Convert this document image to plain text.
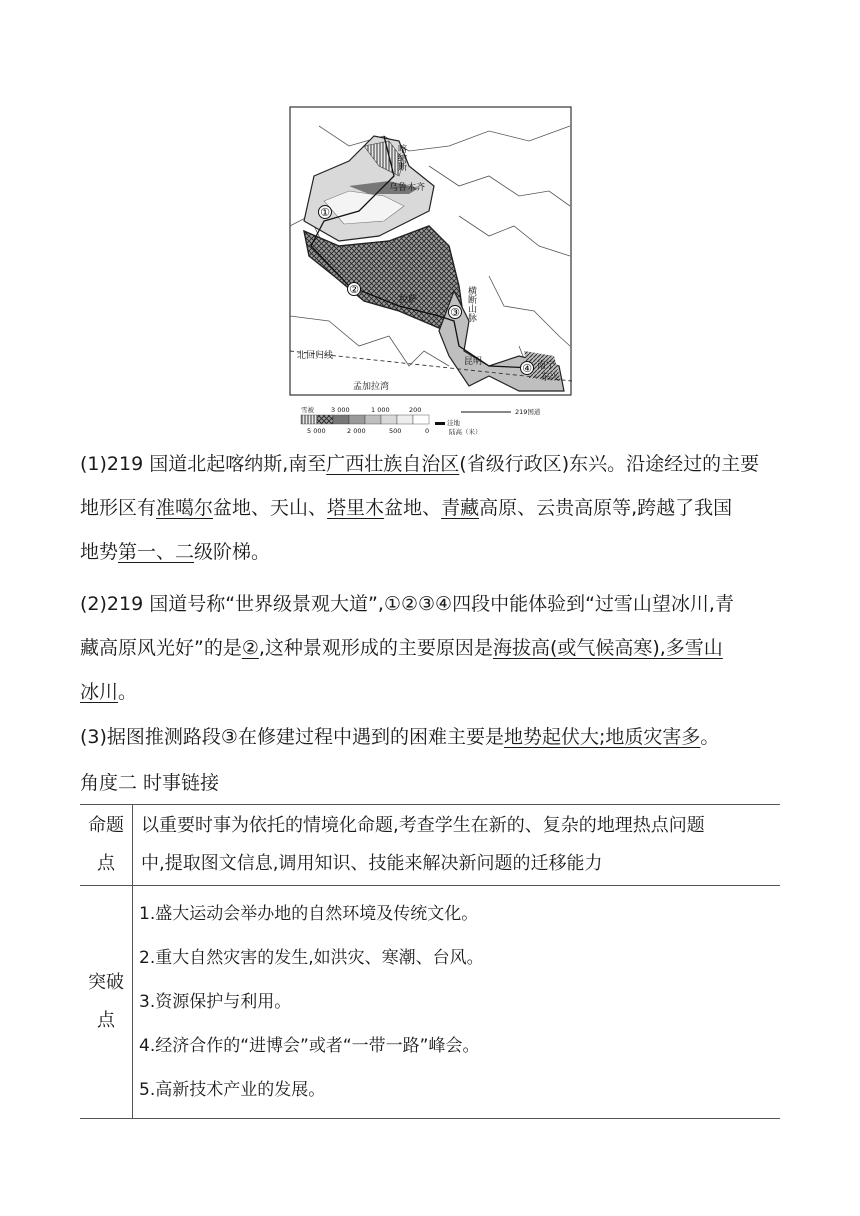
①
②
③
④
喀纳斯
乌鲁木齐
拉萨	横断山脉
昆明	南宁
东兴
北回归线
孟加拉湾
雪被	3 000	1 000	200
洼地
219国道
5 000	2 000	500	0	陆高（米）
(1)219 国道北起喀纳斯,南至广西壮族自治区(省级行政区)东兴。沿途经过的主要
地形区有准噶尔盆地、天山、塔里木盆地、青藏高原、云贵高原等,跨越了我国
地势第一、二级阶梯。
(2)219 国道号称“世界级景观大道”,①②③④四段中能体验到“过雪山望冰川,青
藏高原风光好”的是②,这种景观形成的主要原因是海拔高(或气候高寒),多雪山
冰川。
(3)据图推测路段③在修建过程中遇到的困难主要是地势起伏大;地质灾害多。
角度二 时事链接
命题
点	以重要时事为依托的情境化命题,考查学生在新的、复杂的地理热点问题
中,提取图文信息,调用知识、技能来解决新问题的迁移能力

突破
点	1.盛大运动会举办地的自然环境及传统文化。
2.重大自然灾害的发生,如洪灾、寒潮、台风。
3.资源保护与利用。
4.经济合作的“进博会”或者“一带一路”峰会。
5.高新技术产业的发展。
